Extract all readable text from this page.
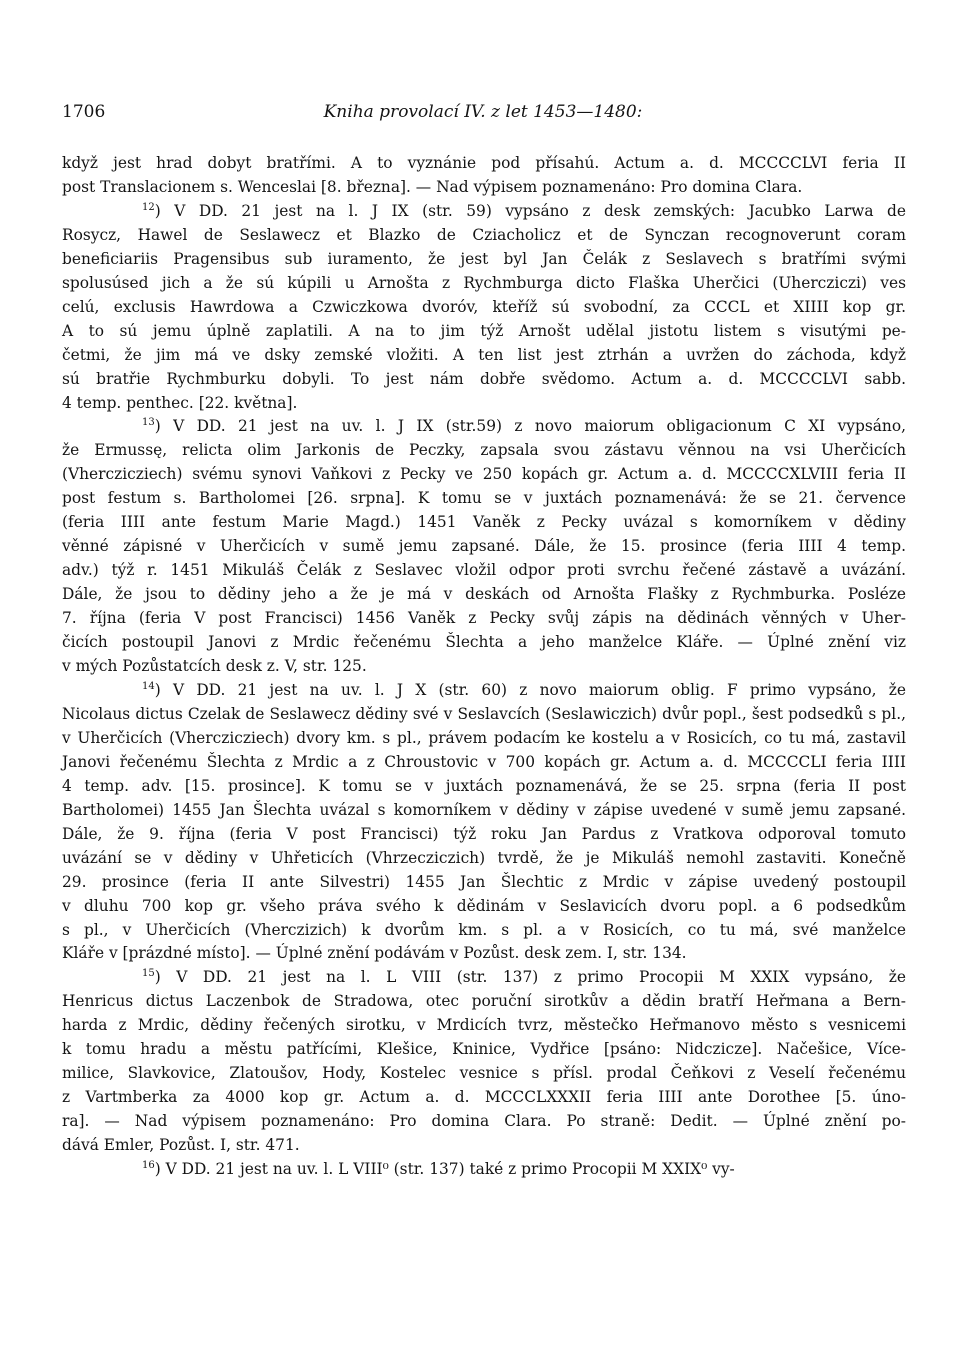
1706	Kniha provolací IV. z let 1453—1480:

když jest hrad dobyt bratřími. A to vyznánie pod přísahú. Actum a. d. MCCCCLVI feria II
post Translacionem s. Wenceslai [8. března]. — Nad výpisem poznamenáno: Pro domina Clara.

$^{12}$) V DD. 21 jest na l. J IX (str. 59) vypsáno z desk zemských: Jacubko Larwa de
Rosycz, Hawel de Seslawecz et Blazko de Cziacholicz et de Synczan recognoverunt coram
beneficiariis Pragensibus sub iuramento, že jest byl Jan Čelák z Seslavech s bratřími svými
spolusúsed jich a že sú kúpili u Arnošta z Rychmburga dicto Flaška Uherčici (Uhercziczi) ves
celú, exclusis Hawrdowa a Czwiczkowa dvoróv, kteříž sú svobodní, za CCCL et XIIII kop gr.
A to sú jemu úplně zaplatili. A na to jim týž Arnošt udělal jistotu listem s visutými pe-
četmi, že jim má ve dsky zemské vložiti. A ten list jest ztrhán a uvržen do záchoda, když
sú bratřie Rychmburku dobyli. To jest nám dobře svědomo. Actum a. d. MCCCCLVI sabb.
4 temp. penthec. [22. května].

$^{13}$) V DD. 21 jest na uv. l. J IX (str.59) z novo maiorum obligacionum C XI vypsáno,
že Ermussę, relicta olim Jarkonis de Peczky, zapsala svou zástavu věnnou na vsi Uherčicích
(Vherczicziech) svému synovi Vaňkovi z Pecky ve 250 kopách gr. Actum a. d. MCCCCXLVIII feria II
post festum s. Bartholomei [26. srpna]. K tomu se v juxtách poznamenává: že se 21. července
(feria IIII ante festum Marie Magd.) 1451 Vaněk z Pecky uvázal s komorníkem v dědiny
věnné zápisné v Uherčicích v sumě jemu zapsané. Dále, že 15. prosince (feria IIII 4 temp.
adv.) týž r. 1451 Mikuláš Čelák z Seslavec vložil odpor proti svrchu řečené zástavě a uvázání.
Dále, že jsou to dědiny jeho a že je má v deskách od Arnošta Flašky z Rychmburka. Posléze
7. října (feria V post Francisci) 1456 Vaněk z Pecky svůj zápis na dědinách věnných v Uher-
čicích postoupil Janovi z Mrdic řečenému Šlechta a jeho manželce Kláře. — Úplné znění viz
v mých Pozůstatcích desk z. V, str. 125.

$^{14}$) V DD. 21 jest na uv. l. J X (str. 60) z novo maiorum oblig. F primo vypsáno, že
Nicolaus dictus Czelak de Seslawecz dědiny své v Seslavcích (Seslawiczich) dvůr popl., šest podsedků s pl.,
v Uherčicích (Vherczicziech) dvory km. s pl., právem podacím ke kostelu a v Rosicích, co tu má, zastavil
Janovi řečenému Šlechta z Mrdic a z Chroustovic v 700 kopách gr. Actum a. d. MCCCCLI feria IIII
4 temp. adv. [15. prosince]. K tomu se v juxtách poznamenává, že se 25. srpna (feria II post
Bartholomei) 1455 Jan Šlechta uvázal s komorníkem v dědiny v zápise uvedené v sumě jemu zapsané.
Dále, že 9. října (feria V post Francisci) týž roku Jan Pardus z Vratkova odporoval tomuto
uvázání se v dědiny v Uhřeticích (Vhrzecziczich) tvrdě, že je Mikuláš nemohl zastaviti. Konečně
29. prosince (feria II ante Silvestri) 1455 Jan Šlechtic z Mrdic v zápise uvedený postoupil
v dluhu 700 kop gr. všeho práva svého k dědinám v Seslavicích dvoru popl. a 6 podsedkům
s pl., v Uherčicích (Vherczizich) k dvorům km. s pl. a v Rosicích, co tu má, své manželce
Kláře v [prázdné místo]. — Úplné znění podávám v Pozůst. desk zem. I, str. 134.

$^{15}$) V DD. 21 jest na l. L VIII (str. 137) z primo Procopii M XXIX vypsáno, že
Henricus dictus Laczenbok de Stradowa, otec poruční sirotkův a dědin bratří Heřmana a Bern-
harda z Mrdic, dědiny řečených sirotku, v Mrdicích tvrz, městečko Heřmanovo město s vesnicemi
k tomu hradu a městu patřícími, Klešice, Kninice, Vydřice [psáno: Nidczicze]. Načešice, Více-
milice, Slavkovice, Zlatoušov, Hody, Kostelec vesnice s přísl. prodal Čeňkovi z Veselí řečenému
z Vartmberka za 4000 kop gr. Actum a. d. MCCCLXXXII feria IIII ante Dorothee [5. úno-
ra]. — Nad výpisem poznamenáno: Pro domina Clara. Po straně: Dedit. — Úplné znění po-
dává Emler, Pozůst. I, str. 471.

$^{16}$) V DD. 21 jest na uv. l. L VIII⁰ (str. 137) také z primo Procopii M XXIX⁰ vy-
